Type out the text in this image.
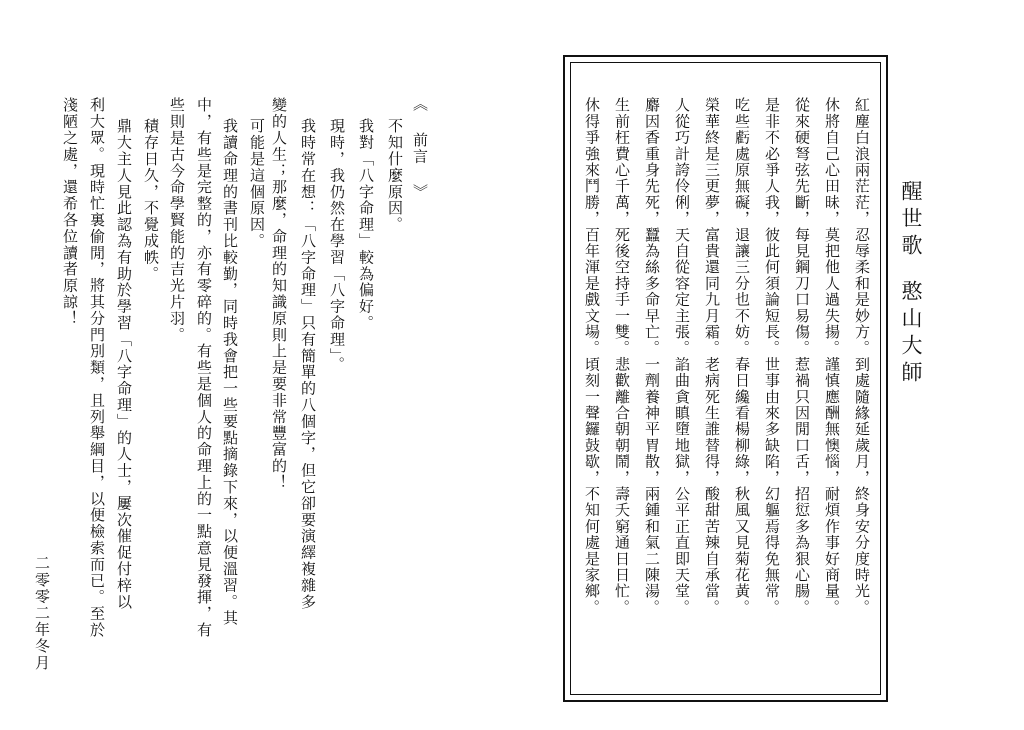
《 前言 》
不知什麼原因。
我對「八字命理」較為偏好。
現時，我仍然在學習「八字命理」。
我時常在想：「八字命理」只有簡單的八個字，但它卻要演繹複雜多
變的人生；那麼，命理的知識原則上是要非常豐富的！
可能是這個原因。
我讀命理的書刊比較勤，同時我會把一些要點摘錄下來，以便溫習。其
中，有些是完整的，亦有零碎的。有些是個人的命理上的一點意見發揮，有
些則是古今命學賢能的吉光片羽。
積存日久，不覺成帙。
鼎大主人見此認為有助於學習「八字命理」的人士，屢次催促付梓以
利大眾。現時忙裏偷閒，將其分門別類，且列舉綱目，以便檢索而已。至於
淺陋之處，還希各位讀者原諒！
二零零二年冬月
醒世歌
憨山大師
紅塵白浪兩茫茫，忍辱柔和是妙方。到處隨緣延歲月，終身安分度時光。
休將自己心田昧，莫把他人過失揚。謹慎應酬無懊惱，耐煩作事好商量。
從來硬弩弦先斷，每見鋼刀口易傷。惹禍只因閒口舌，招愆多為狠心腸。
是非不必爭人我，彼此何須論短長。世事由來多缺陷，幻軀焉得免無常。
吃些虧處原無礙，退讓三分也不妨。春日纔看楊柳綠，秋風又見菊花黃。
榮華終是三更夢，富貴還同九月霜。老病死生誰替得，酸甜苦辣自承當。
人從巧計誇伶俐，天自從容定主張。諂曲貪瞋墮地獄，公平正直即天堂。
麝因香重身先死，蠶為絲多命早亡。一劑養神平胃散，兩鍾和氣二陳湯。
生前枉費心千萬，死後空持手一雙。悲歡離合朝朝鬧，壽夭窮通日日忙。
休得爭強來鬥勝，百年渾是戲文場。頃刻一聲鑼鼓歇，不知何處是家鄉。
